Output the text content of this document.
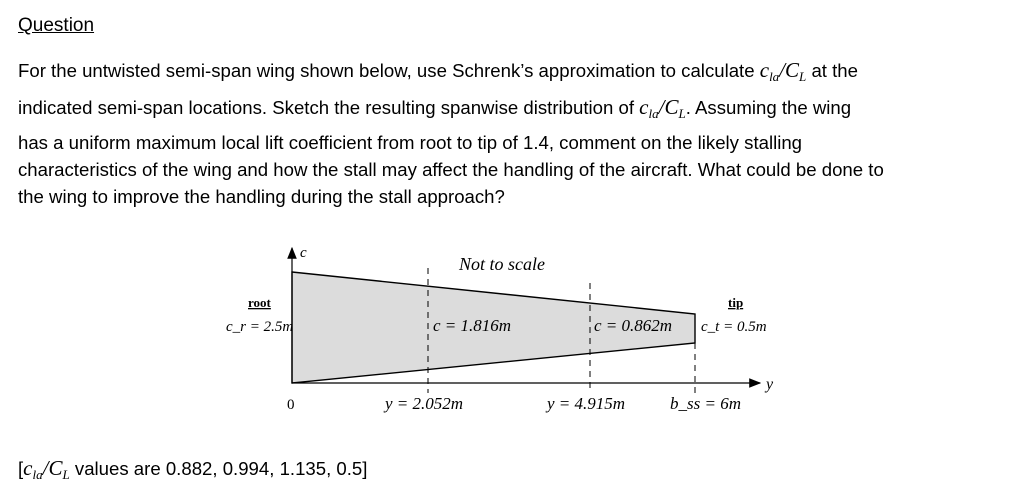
Question
For the untwisted semi-span wing shown below, use Schrenk’s approximation to calculate $c_{la}/C_L$ at the
indicated semi-span locations. Sketch the resulting spanwise distribution of $c_{la}/C_L$. Assuming the wing
has a uniform maximum local lift coefficient from root to tip of 1.4, comment on the likely stalling
characteristics of the wing and how the stall may affect the handling of the aircraft. What could be done to
the wing to improve the handling during the stall approach?
c
y
Not to scale
root
c_r = 2.5m
tip
c_t = 0.5m
c = 1.816m	c = 0.862m
0	y = 2.052m	y = 4.915m	b_ss = 6m
[$c_{la}/C_L$ values are 0.882, 0.994, 1.135, 0.5]
